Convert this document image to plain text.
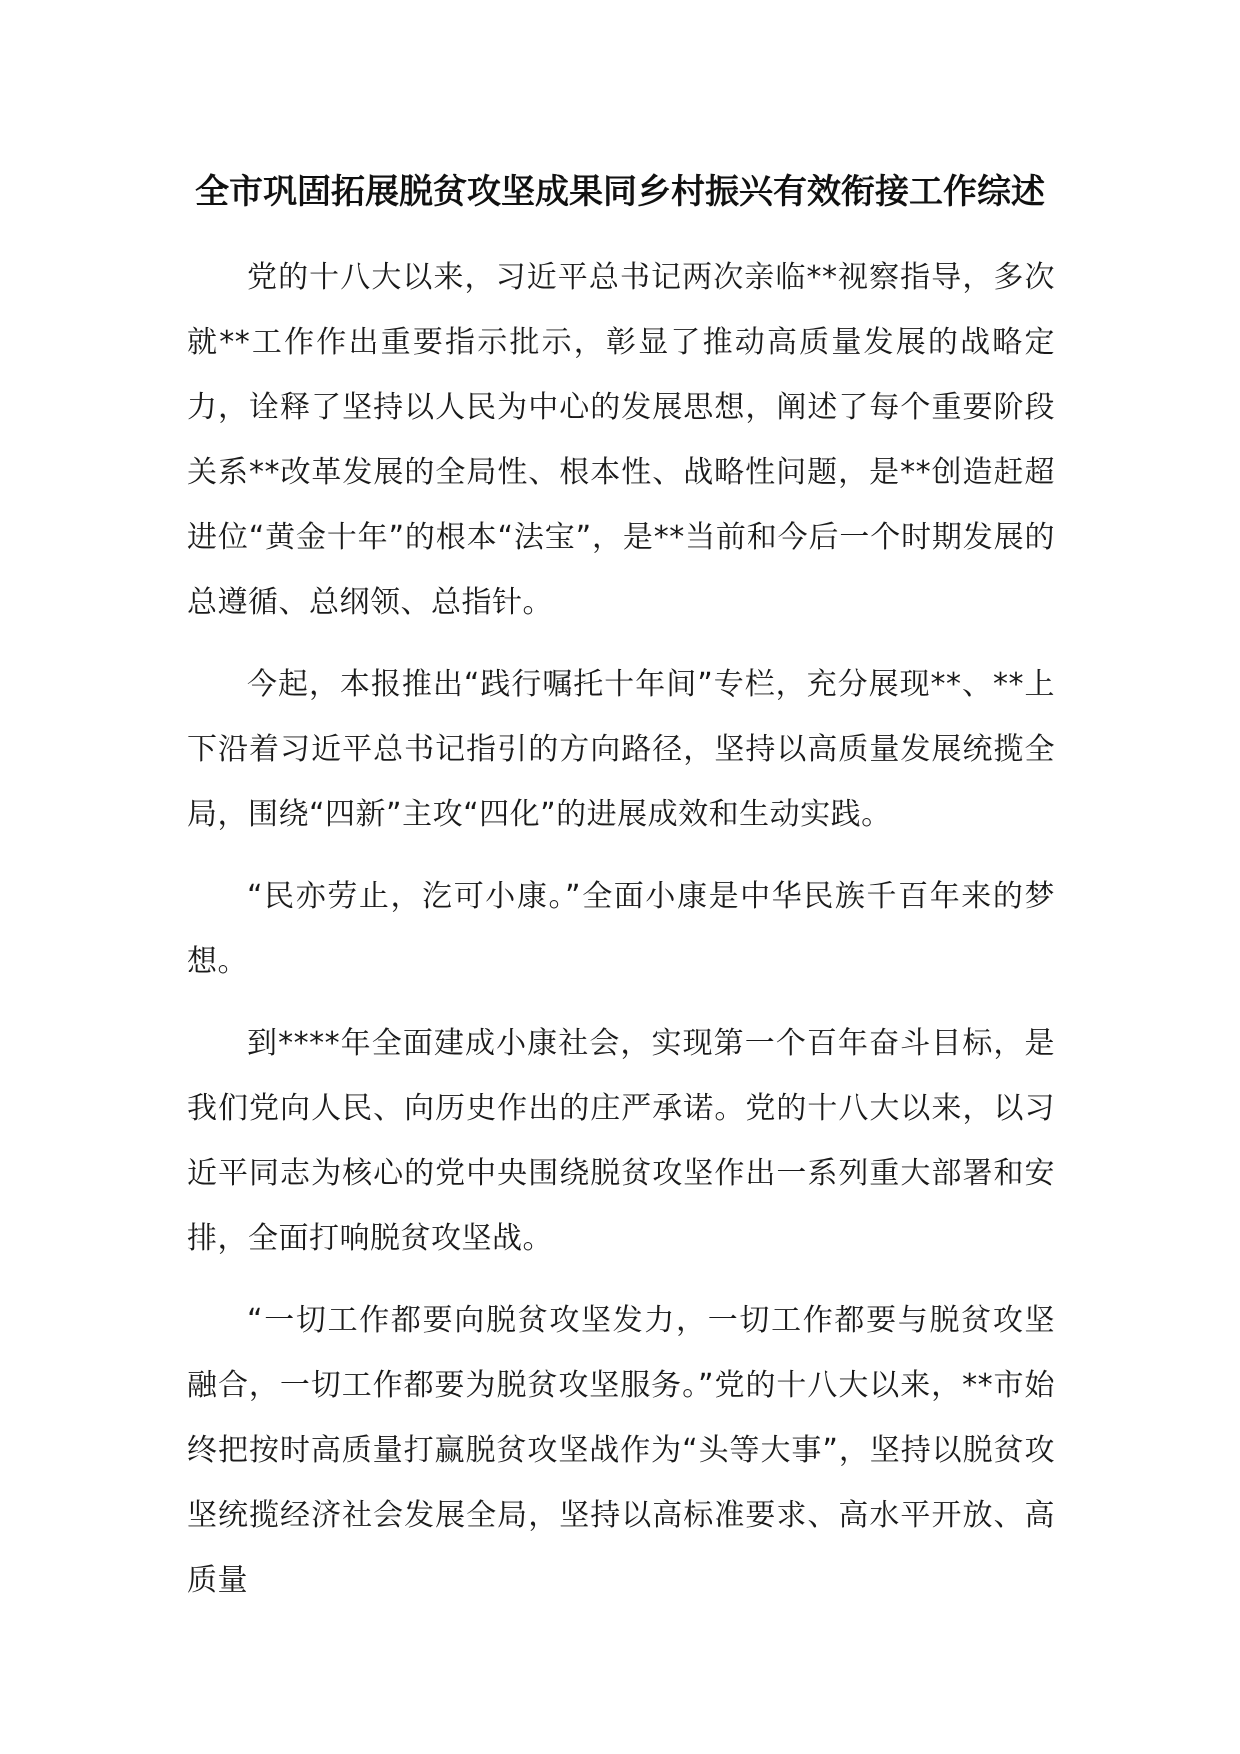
全市巩固拓展脱贫攻坚成果同乡村振兴有效衔接工作综述

党的十八大以来，习近平总书记两次亲临**视察指导，多次就**工作作出重要指示批示，彰显了推动高质量发展的战略定力，诠释了坚持以人民为中心的发展思想，阐述了每个重要阶段关系**改革发展的全局性、根本性、战略性问题，是**创造赶超进位“黄金十年”的根本“法宝”，是**当前和今后一个时期发展的总遵循、总纲领、总指针。

今起，本报推出“践行嘱托十年间”专栏，充分展现**、**上下沿着习近平总书记指引的方向路径，坚持以高质量发展统揽全局，围绕“四新”主攻“四化”的进展成效和生动实践。

“民亦劳止，汔可小康。”全面小康是中华民族千百年来的梦想。

到****年全面建成小康社会，实现第一个百年奋斗目标，是我们党向人民、向历史作出的庄严承诺。党的十八大以来，以习近平同志为核心的党中央围绕脱贫攻坚作出一系列重大部署和安排，全面打响脱贫攻坚战。

“一切工作都要向脱贫攻坚发力，一切工作都要与脱贫攻坚融合，一切工作都要为脱贫攻坚服务。”党的十八大以来，**市始终把按时高质量打赢脱贫攻坚战作为“头等大事”，坚持以脱贫攻坚统揽经济社会发展全局，坚持以高标准要求、高水平开放、高质量
